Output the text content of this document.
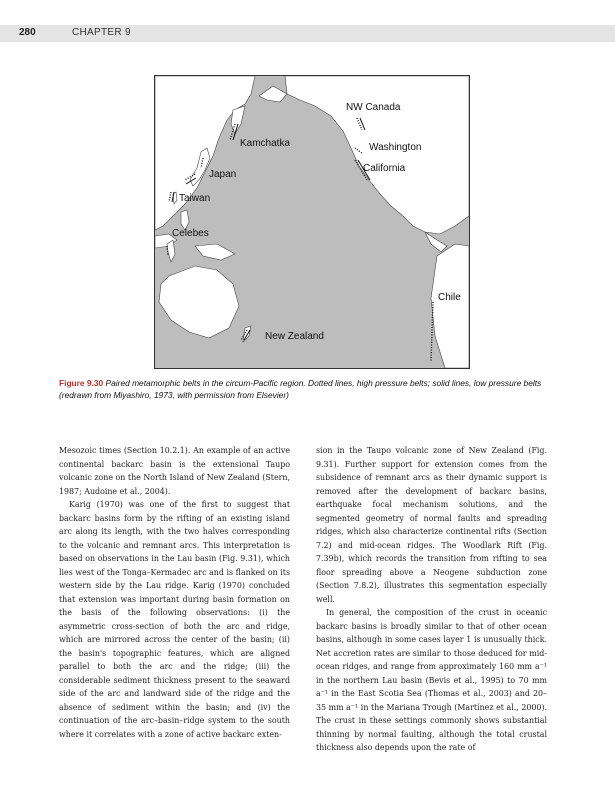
280	CHAPTER 9
NW Canada
Kamchatka	Washington
California
Japan
Taiwan
Celebes
Chile
New Zealand
Figure 9.30 Paired metamorphic belts in the circum-Pacific region. Dotted lines, high pressure belts; solid lines, low pressure belts (redrawn from Miyashiro, 1973, with permission from Elsevier)

Mesozoic times (Section 10.2.1). An example of an active continental backarc basin is the extensional Taupo volcanic zone on the North Island of New Zealand (Stern, 1987; Audoine et al., 2004).

Karig (1970) was one of the first to suggest that backarc basins form by the rifting of an existing island arc along its length, with the two halves corresponding to the volcanic and remnant arcs. This interpretation is based on observations in the Lau basin (Fig. 9.31), which lies west of the Tonga–Kermadec arc and is flanked on its western side by the Lau ridge. Karig (1970) concluded that extension was important during basin formation on the basis of the following observations: (i) the asymmetric cross-section of both the arc and ridge, which are mirrored across the center of the basin; (ii) the basin's topographic features, which are aligned parallel to both the arc and the ridge; (iii) the considerable sediment thickness present to the seaward side of the arc and landward side of the ridge and the absence of sediment within the basin; and (iv) the continuation of the arc–basin–ridge system to the south where it correlates with a zone of active backarc exten-

sion in the Taupo volcanic zone of New Zealand (Fig. 9.31). Further support for extension comes from the subsidence of remnant arcs as their dynamic support is removed after the development of backarc basins, earthquake focal mechanism solutions, and the segmented geometry of normal faults and spreading ridges, which also characterize continental rifts (Section 7.2) and mid-ocean ridges. The Woodlark Rift (Fig. 7.39b), which records the transition from rifting to sea floor spreading above a Neogene subduction zone (Section 7.8.2), illustrates this segmentation especially well.

In general, the composition of the crust in oceanic backarc basins is broadly similar to that of other ocean basins, although in some cases layer 1 is unusually thick. Net accretion rates are similar to those deduced for mid-ocean ridges, and range from approximately 160 mm a⁻¹ in the northern Lau basin (Bevis et al., 1995) to 70 mm a⁻¹ in the East Scotia Sea (Thomas et al., 2003) and 20–35 mm a⁻¹ in the Mariana Trough (Martínez et al., 2000). The crust in these settings commonly shows substantial thinning by normal faulting, although the total crustal thickness also depends upon the rate of
